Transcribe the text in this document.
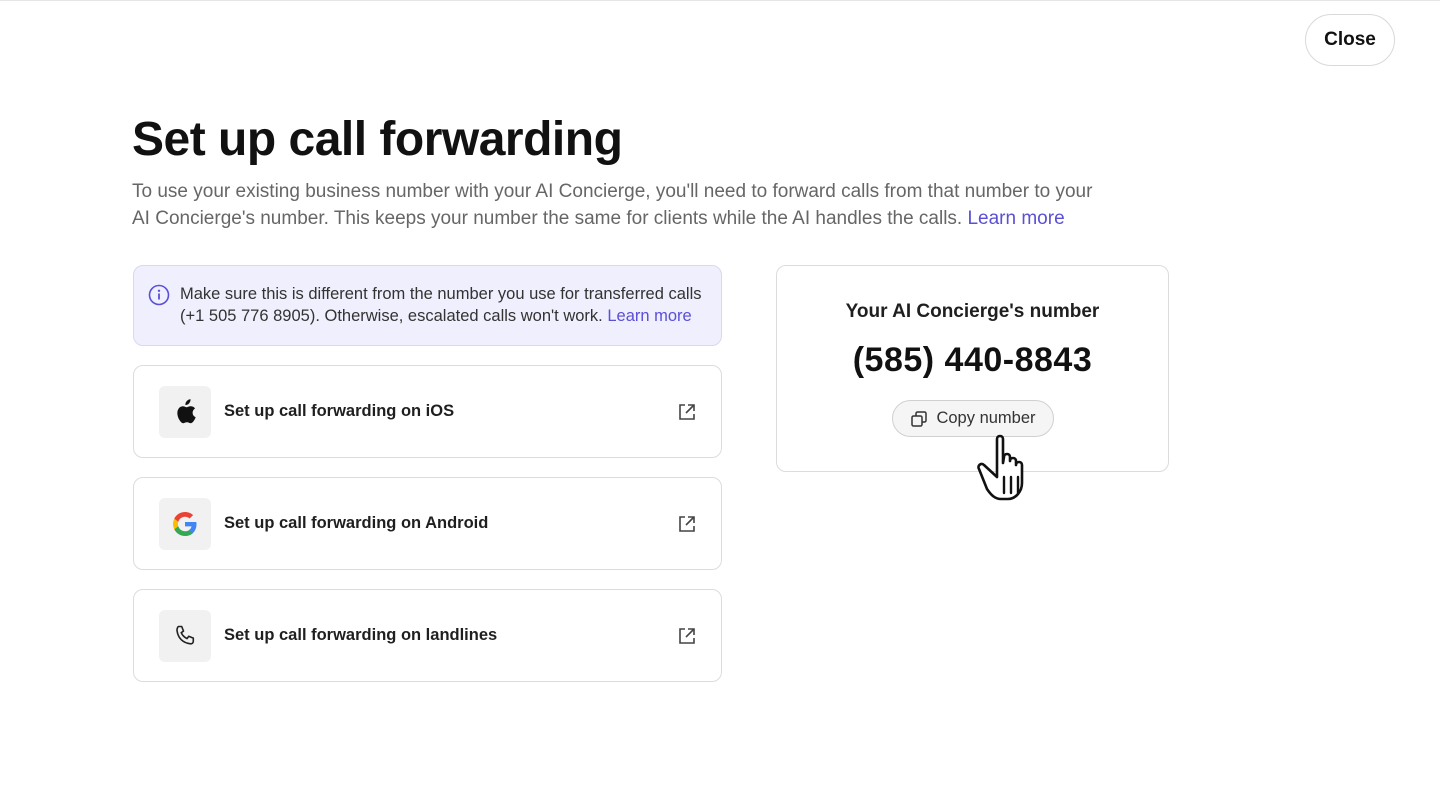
Close
Set up call forwarding

To use your existing business number with your AI Concierge, you'll need to forward calls from that number to your AI Concierge's number. This keeps your number the same for clients while the AI handles the calls. Learn more

Make sure this is different from the number you use for transferred calls (+1 505 776 8905). Otherwise, escalated calls won't work. Learn more

Set up call forwarding on iOS
Set up call forwarding on Android
Set up call forwarding on landlines
Your AI Concierge's number
(585) 440-8843
Copy number
